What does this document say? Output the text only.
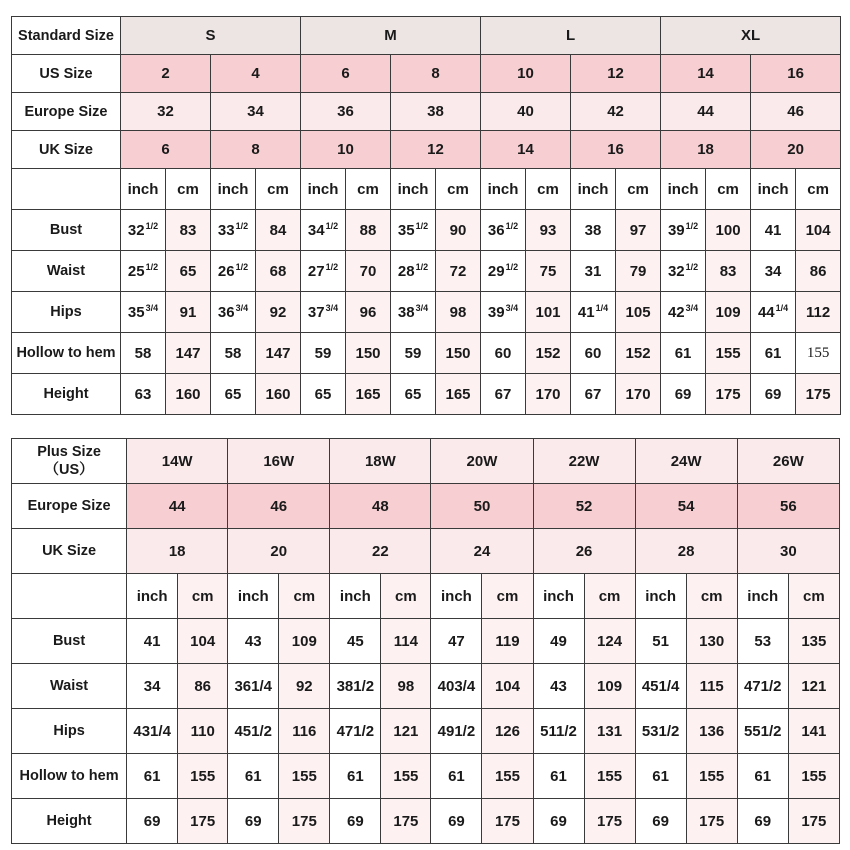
Standard Size	S				M				L				XL			
US Size	2		4		6		8		10		12		14		16	
Europe Size	32		34		36		38		40		42		44		46	
UK Size	6		8		10		12		14		16		18		20	
	inch	cm	inch	cm	inch	cm	inch	cm	inch	cm	inch	cm	inch	cm	inch	cm
Bust	$32^{1/2}$	83	$33^{1/2}$	84	$34^{1/2}$	88	$35^{1/2}$	90	$36^{1/2}$	93	38	97	$39^{1/2}$	100	41	104
Waist	$25^{1/2}$	65	$26^{1/2}$	68	$27^{1/2}$	70	$28^{1/2}$	72	$29^{1/2}$	75	31	79	$32^{1/2}$	83	34	86
Hips	$35^{3/4}$	91	$36^{3/4}$	92	$37^{3/4}$	96	$38^{3/4}$	98	$39^{3/4}$	101	$41^{1/4}$	105	$42^{3/4}$	109	$44^{1/4}$	112
Hollow to hem	58	147	58	147	59	150	59	150	60	152	60	152	61	155	61	155
Height	63	160	65	160	65	165	65	165	67	170	67	170	69	175	69	175
Plus Size
（US）	14W		16W		18W		20W		22W		24W		26W	
Europe Size	44		46		48		50		52		54		56	
UK Size	18		20		22		24		26		28		30	
	inch	cm	inch	cm	inch	cm	inch	cm	inch	cm	inch	cm	inch	cm
Bust	41	104	43	109	45	114	47	119	49	124	51	130	53	135
Waist	34	86	361/4	92	381/2	98	403/4	104	43	109	451/4	115	471/2	121
Hips	431/4	110	451/2	116	471/2	121	491/2	126	511/2	131	531/2	136	551/2	141
Hollow to hem	61	155	61	155	61	155	61	155	61	155	61	155	61	155
Height	69	175	69	175	69	175	69	175	69	175	69	175	69	175
